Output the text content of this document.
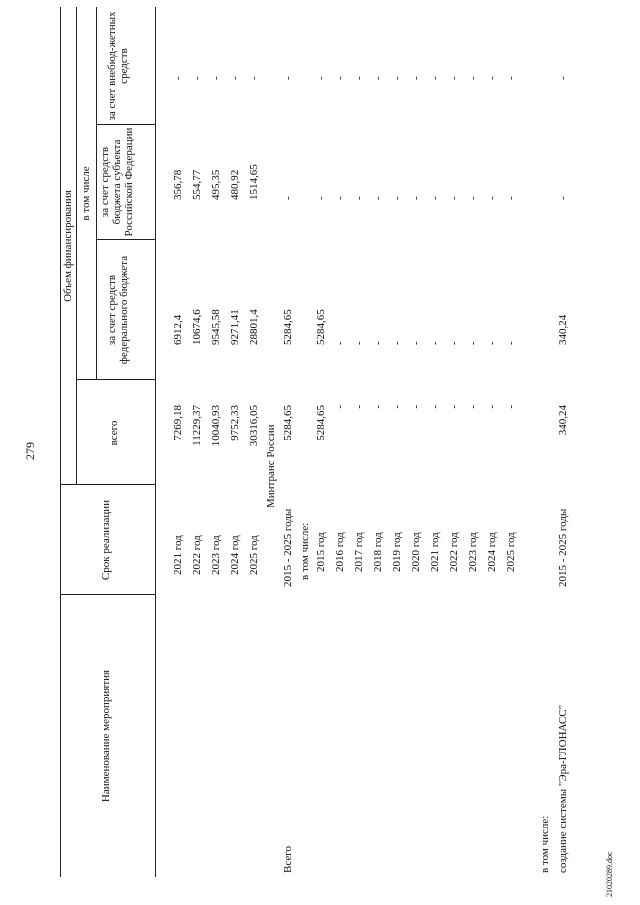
279
Наименование мероприятия
Срок реализации
Объем финансирования
всего
в том числе
за счет средств федерального бюджета
за счет средств бюджета субъекта Российской Федерации
за счет внебюд-жетных средств
2021 год
7269,18
6912,4
356,78
-
2022 год
11229,37
10674,6
554,77
-
2023 год
10040,93
9545,58
495,35
-
2024 год
9752,33
9271,41
480,92
-
2025 год
30316,05
28801,4
1514,65
-
Минтранс России
Всего
2015 - 2025 годы
5284,65
5284,65
-
-
в том числе: 2015 год
5284,65
5284,65
-
-
2016 год
-
-
-
-
2017 год
-
-
-
-
2018 год
-
-
-
-
2019 год
-
-
-
-
2020 год
-
-
-
-
2021 год
-
-
-
-
2022 год
-
-
-
-
2023 год
-
-
-
-
2024 год
-
-
-
-
2025 год
-
-
-
-
в том числе: создание системы "Эра-ГЛОНАСС"
2015 - 2025 годы
340,24
340,24
-
-
21020289.doc
